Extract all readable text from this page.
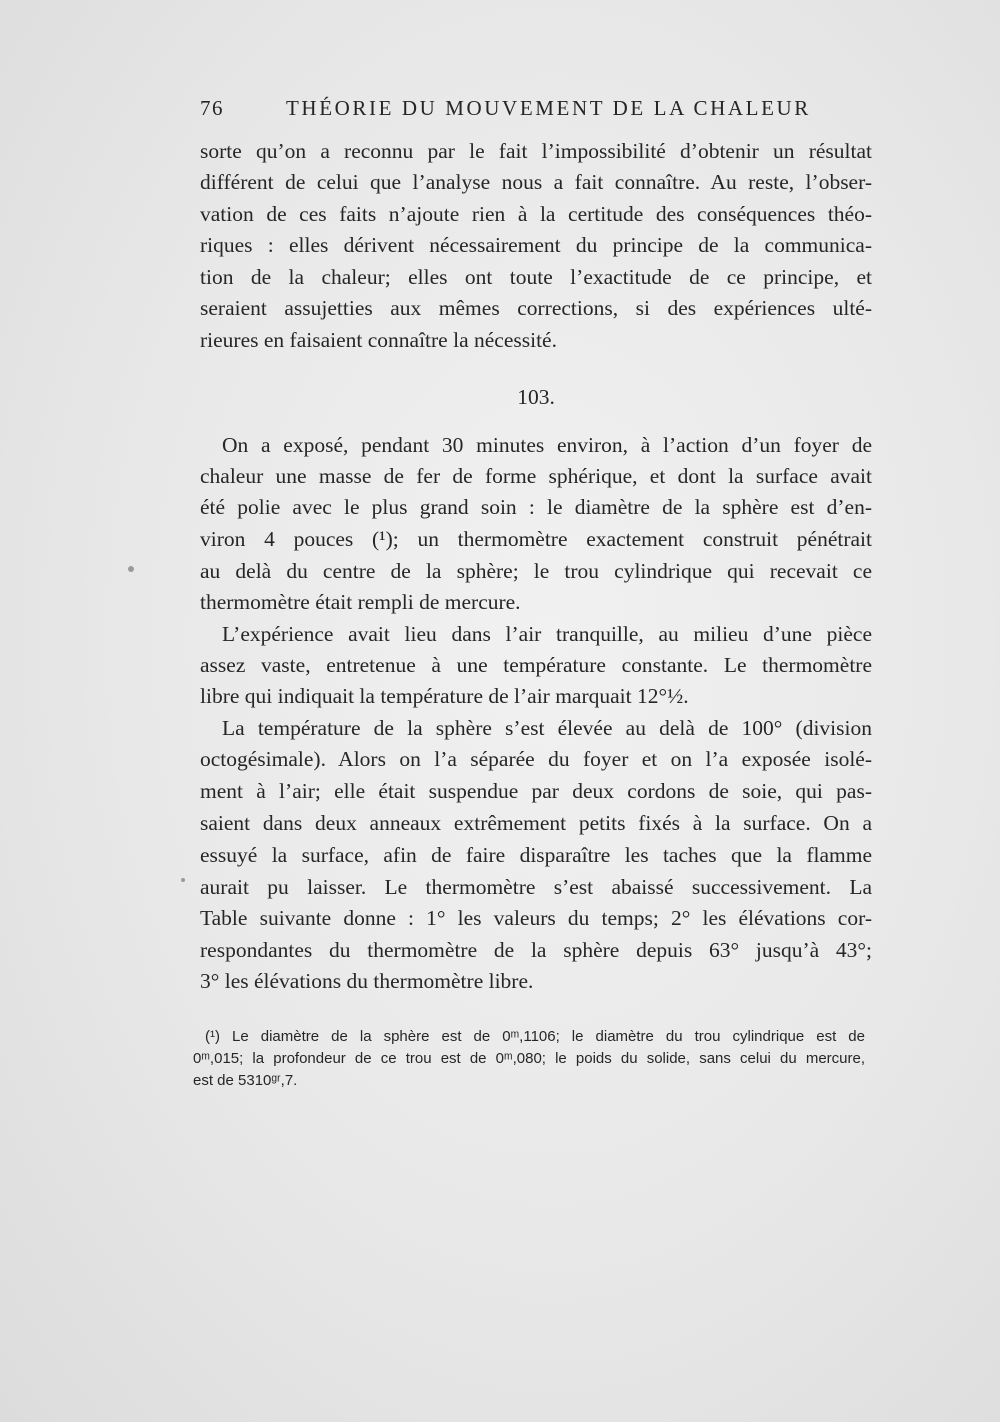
76	THÉORIE DU MOUVEMENT DE LA CHALEUR
sorte qu’on a reconnu par le fait l’impossibilité d’obtenir un résultat
différent de celui que l’analyse nous a fait connaître. Au reste, l’obser-
vation de ces faits n’ajoute rien à la certitude des conséquences théo-
riques : elles dérivent nécessairement du principe de la communica-
tion de la chaleur; elles ont toute l’exactitude de ce principe, et
seraient assujetties aux mêmes corrections, si des expériences ulté-
rieures en faisaient connaître la nécessité.
103.
On a exposé, pendant 30 minutes environ, à l’action d’un foyer de
chaleur une masse de fer de forme sphérique, et dont la surface avait
été polie avec le plus grand soin : le diamètre de la sphère est d’en-
viron 4 pouces (¹); un thermomètre exactement construit pénétrait
au delà du centre de la sphère; le trou cylindrique qui recevait ce
thermomètre était rempli de mercure.
L’expérience avait lieu dans l’air tranquille, au milieu d’une pièce
assez vaste, entretenue à une température constante. Le thermomètre
libre qui indiquait la température de l’air marquait 12°½.
La température de la sphère s’est élevée au delà de 100° (division
octogésimale). Alors on l’a séparée du foyer et on l’a exposée isolé-
ment à l’air; elle était suspendue par deux cordons de soie, qui pas-
saient dans deux anneaux extrêmement petits fixés à la surface. On a
essuyé la surface, afin de faire disparaître les taches que la flamme
aurait pu laisser. Le thermomètre s’est abaissé successivement. La
Table suivante donne : 1° les valeurs du temps; 2° les élévations cor-
respondantes du thermomètre de la sphère depuis 63° jusqu’à 43°;
3° les élévations du thermomètre libre.
(¹) Le diamètre de la sphère est de 0ᵐ,1106; le diamètre du trou cylindrique est de
0ᵐ,015; la profondeur de ce trou est de 0ᵐ,080; le poids du solide, sans celui du mercure,
est de 5310ᵍʳ,7.
